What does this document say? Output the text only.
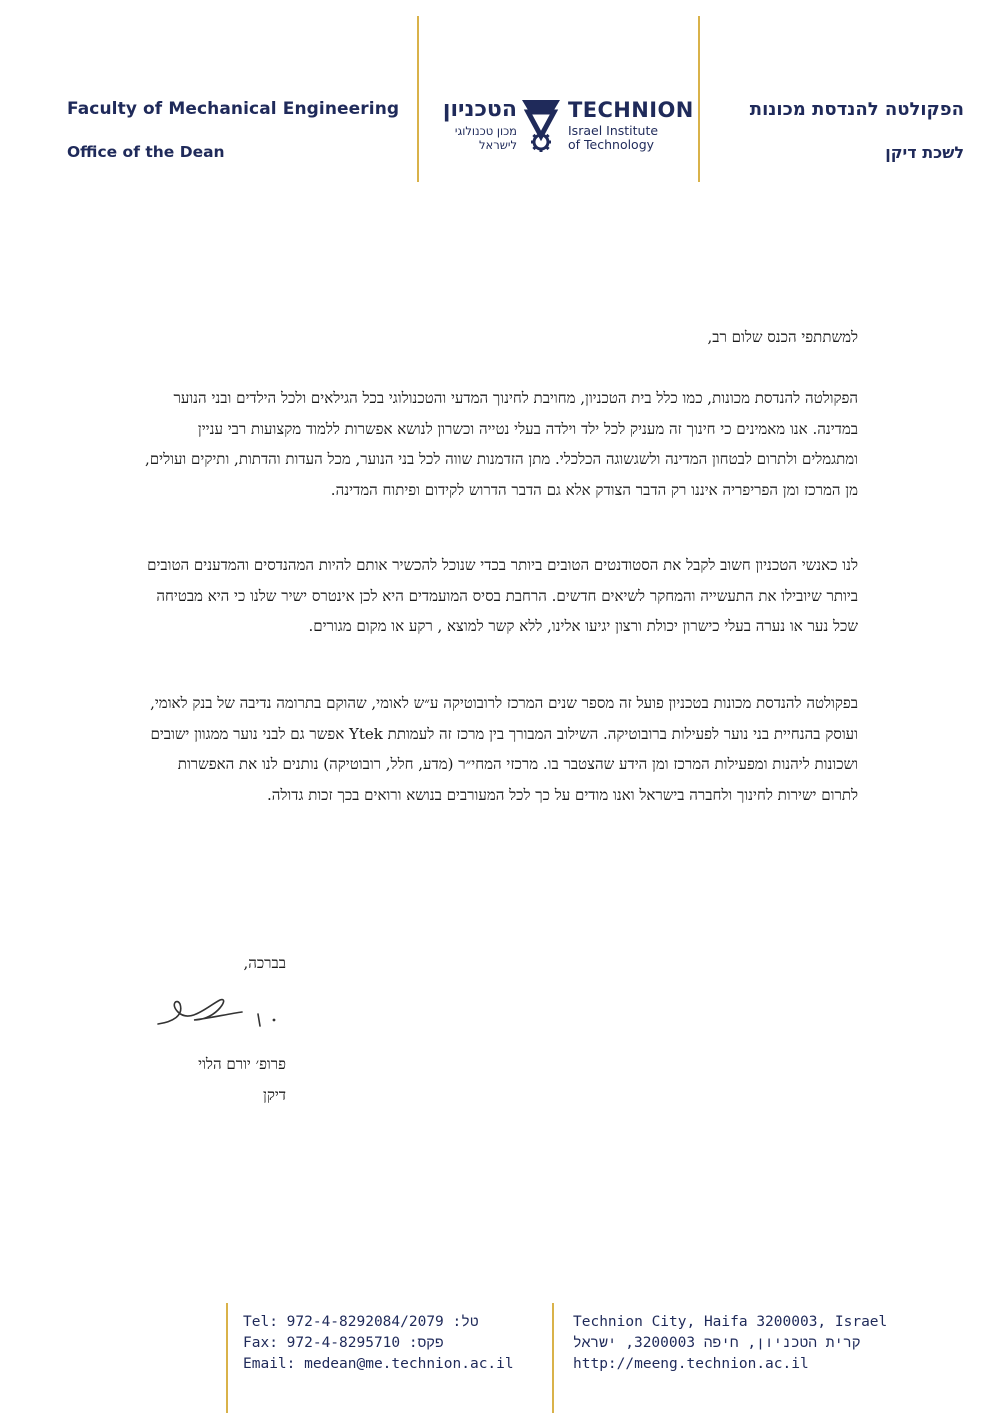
Faculty of Mechanical Engineering
Office of the Dean
הפקולטה להנדסת מכונות
לשכת דיקן
הטכניון
מכון טכנולוגי
לישראל
TECHNION
Israel Institute
of Technology
למשתתפי הכנס שלום רב,
הפקולטה להנדסת מכונות, כמו כלל בית הטכניון, מחויבת לחינוך המדעי והטכנולוגי בכל הגילאים ולכל הילדים ובני הנוער במדינה. אנו מאמינים כי חינוך זה מעניק לכל ילד וילדה בעלי נטייה וכשרון לנושא אפשרות ללמוד מקצועות רבי עניין ומתגמלים ולתרום לבטחון המדינה ולשגשוגה הכלכלי. מתן הזדמנות שווה לכל בני הנוער, מכל העדות והדתות, ותיקים ועולים, מן המרכז ומן הפריפריה איננו רק הדבר הצודק אלא גם הדבר הדרוש לקידום ופיתוח המדינה.
לנו כאנשי הטכניון חשוב לקבל את הסטודנטים הטובים ביותר בכדי שנוכל להכשיר אותם להיות המהנדסים והמדענים הטובים ביותר שיובילו את התעשייה והמחקר לשיאים חדשים. הרחבת בסיס המועמדים היא לכן אינטרס ישיר שלנו כי היא מבטיחה שכל נער או נערה בעלי כישרון יכולת ורצון יגיעו אלינו, ללא קשר למוצא , רקע או מקום מגורים.
בפקולטה להנדסת מכונות בטכניון פועל זה מספר שנים המרכז לרובוטיקה ע״ש לאומי, שהוקם בתרומה נדיבה של בנק לאומי, ועוסק בהנחיית בני נוער לפעילות ברובוטיקה. השילוב המבורך בין מרכז זה לעמותת Ytek אפשר גם לבני נוער ממגוון ישובים ושכונות ליהנות ומפעילות המרכז ומן הידע שהצטבר בו. מרכזי המחי״ר (מדע, חלל, רובוטיקה) נותנים לנו את האפשרות לתרום ישירות לחינוך ולחברה בישראל ואנו מודים על כך לכל המעורבים בנושא ורואים בכך זכות גדולה.
בברכה,
פרופ׳ יורם הלוי
דיקן
Tel: 972-4-8292084/2079 :טל
Fax: 972-4-8295710 :פקס
Email: medean@me.technion.ac.il
Technion City, Haifa 3200003, Israel
קרית הטכניון, חיפה 3200003, ישראל
http://meeng.technion.ac.il
